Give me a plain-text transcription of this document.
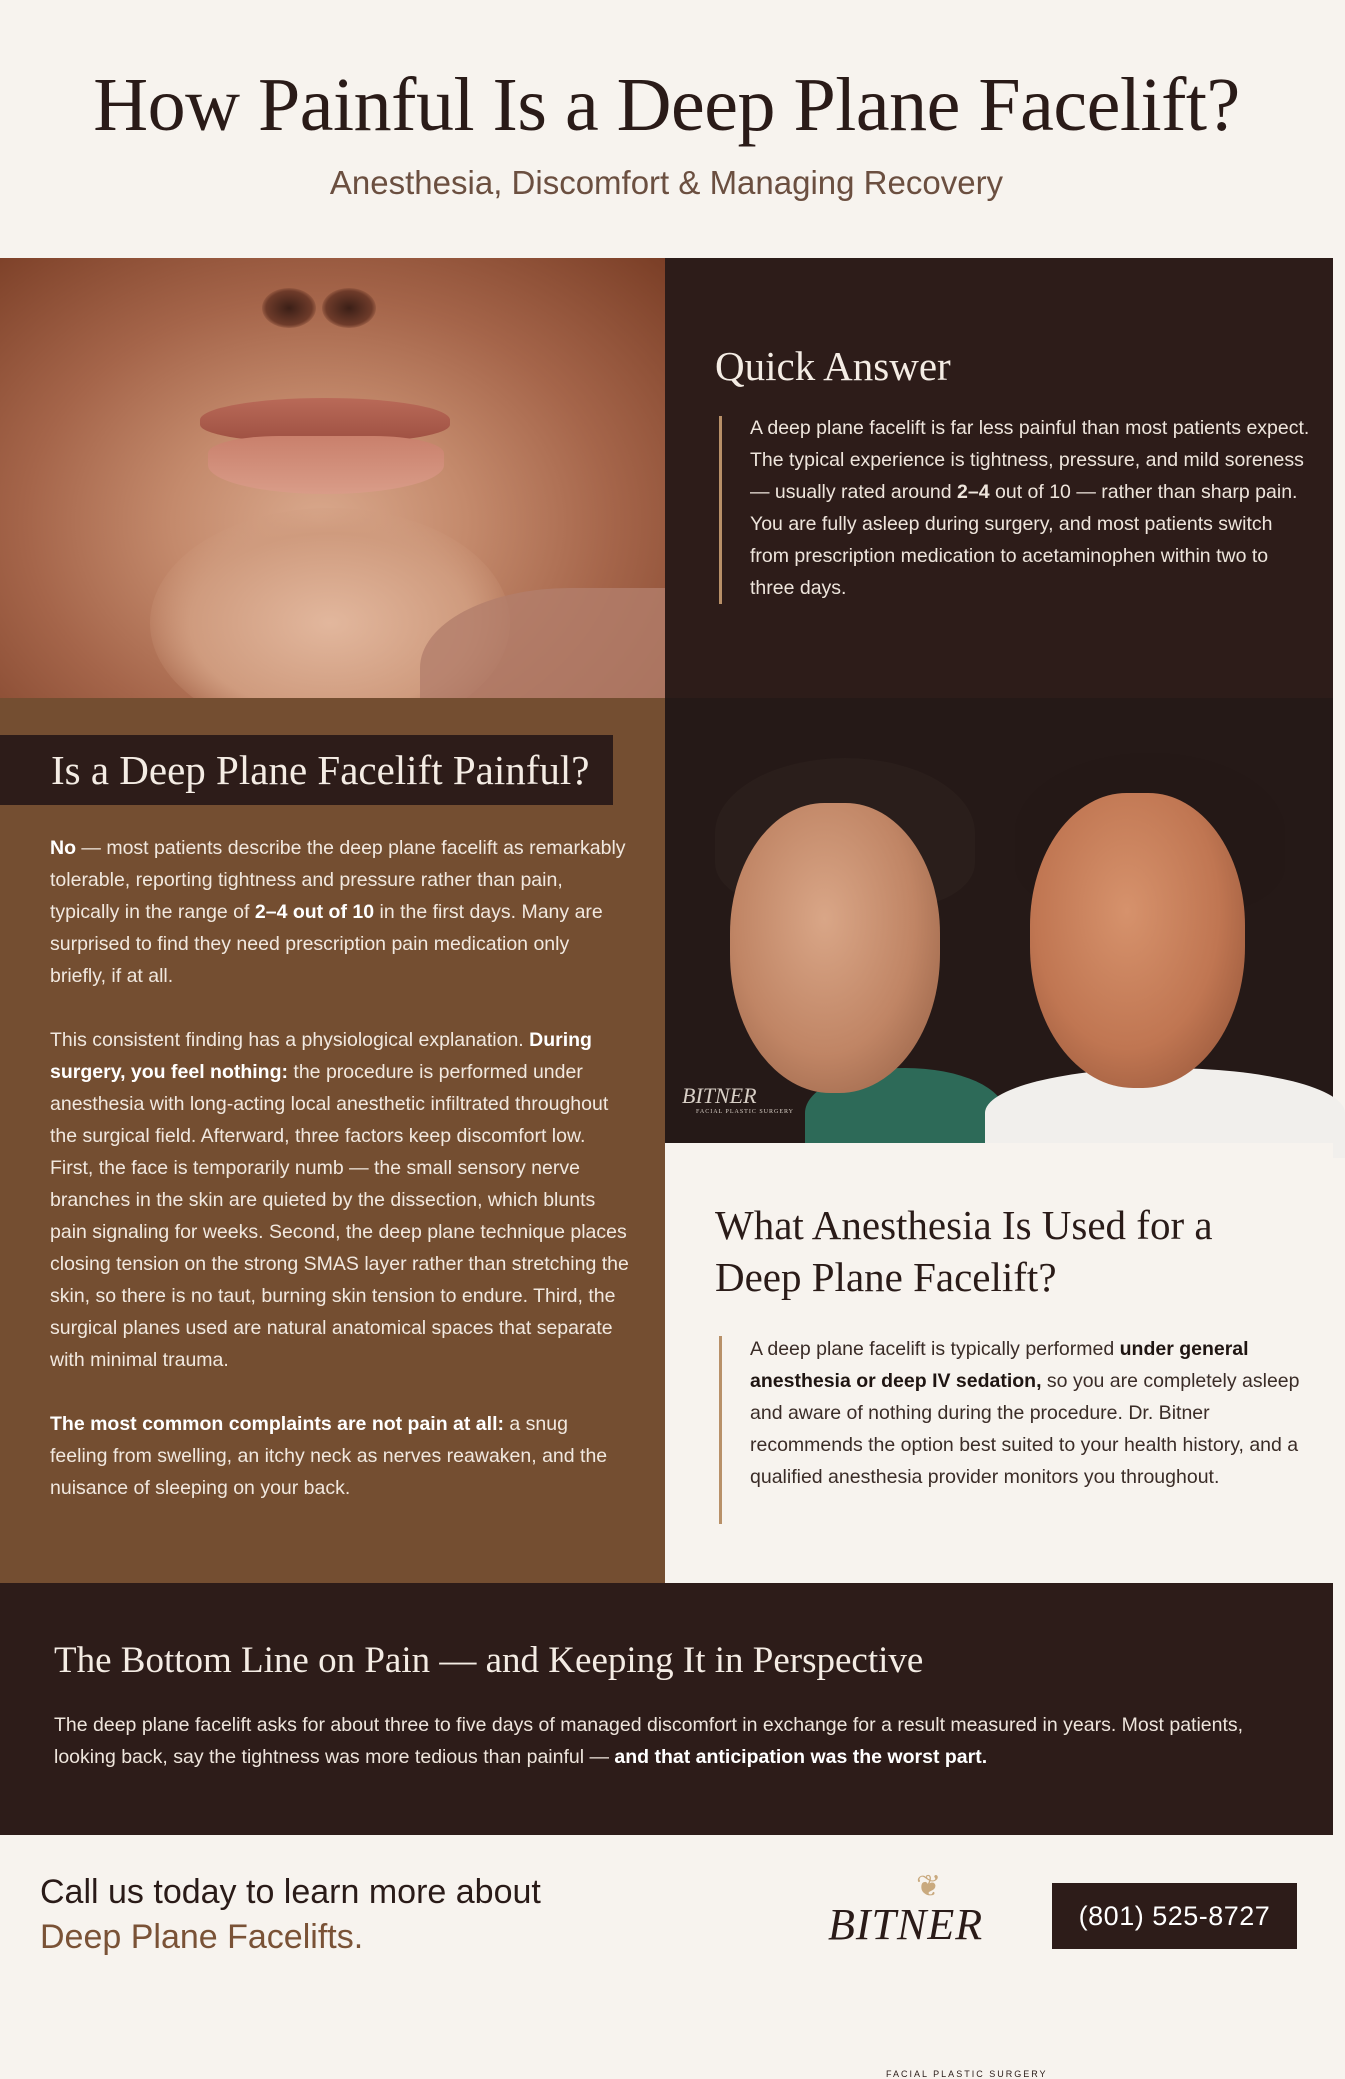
How Painful Is a Deep Plane Facelift?
Anesthesia, Discomfort & Managing Recovery
Quick Answer
A deep plane facelift is far less painful than most patients expect. The typical experience is tightness, pressure, and mild soreness — usually rated around 2–4 out of 10 — rather than sharp pain. You are fully asleep during surgery, and most patients switch from prescription medication to acetaminophen within two to three days.
Is a Deep Plane Facelift Painful?

No — most patients describe the deep plane facelift as remarkably tolerable, reporting tightness and pressure rather than pain, typically in the range of 2–4 out of 10 in the first days. Many are surprised to find they need prescription pain medication only briefly, if at all.

This consistent finding has a physiological explanation. During surgery, you feel nothing: the procedure is performed under anesthesia with long-acting local anesthetic infiltrated throughout the surgical field. Afterward, three factors keep discomfort low. First, the face is temporarily numb — the small sensory nerve branches in the skin are quieted by the dissection, which blunts pain signaling for weeks. Second, the deep plane technique places closing tension on the strong SMAS layer rather than stretching the skin, so there is no taut, burning skin tension to endure. Third, the surgical planes used are natural anatomical spaces that separate with minimal trauma.

The most common complaints are not pain at all: a snug feeling from swelling, an itchy neck as nerves reawaken, and the nuisance of sleeping on your back.

BITNER
FACIAL PLASTIC SURGERY
What Anesthesia Is Used for a Deep Plane Facelift?
A deep plane facelift is typically performed under general anesthesia or deep IV sedation, so you are completely asleep and aware of nothing during the procedure. Dr. Bitner recommends the option best suited to your health history, and a qualified anesthesia provider monitors you throughout.
The Bottom Line on Pain — and Keeping It in Perspective
The deep plane facelift asks for about three to five days of managed discomfort in exchange for a result measured in years. Most patients, looking back, say the tightness was more tedious than painful — and that anticipation was the worst part.
Call us today to learn more about
Deep Plane Facelifts.
❦
BITNER
FACIAL PLASTIC SURGERY
(801) 525-8727
